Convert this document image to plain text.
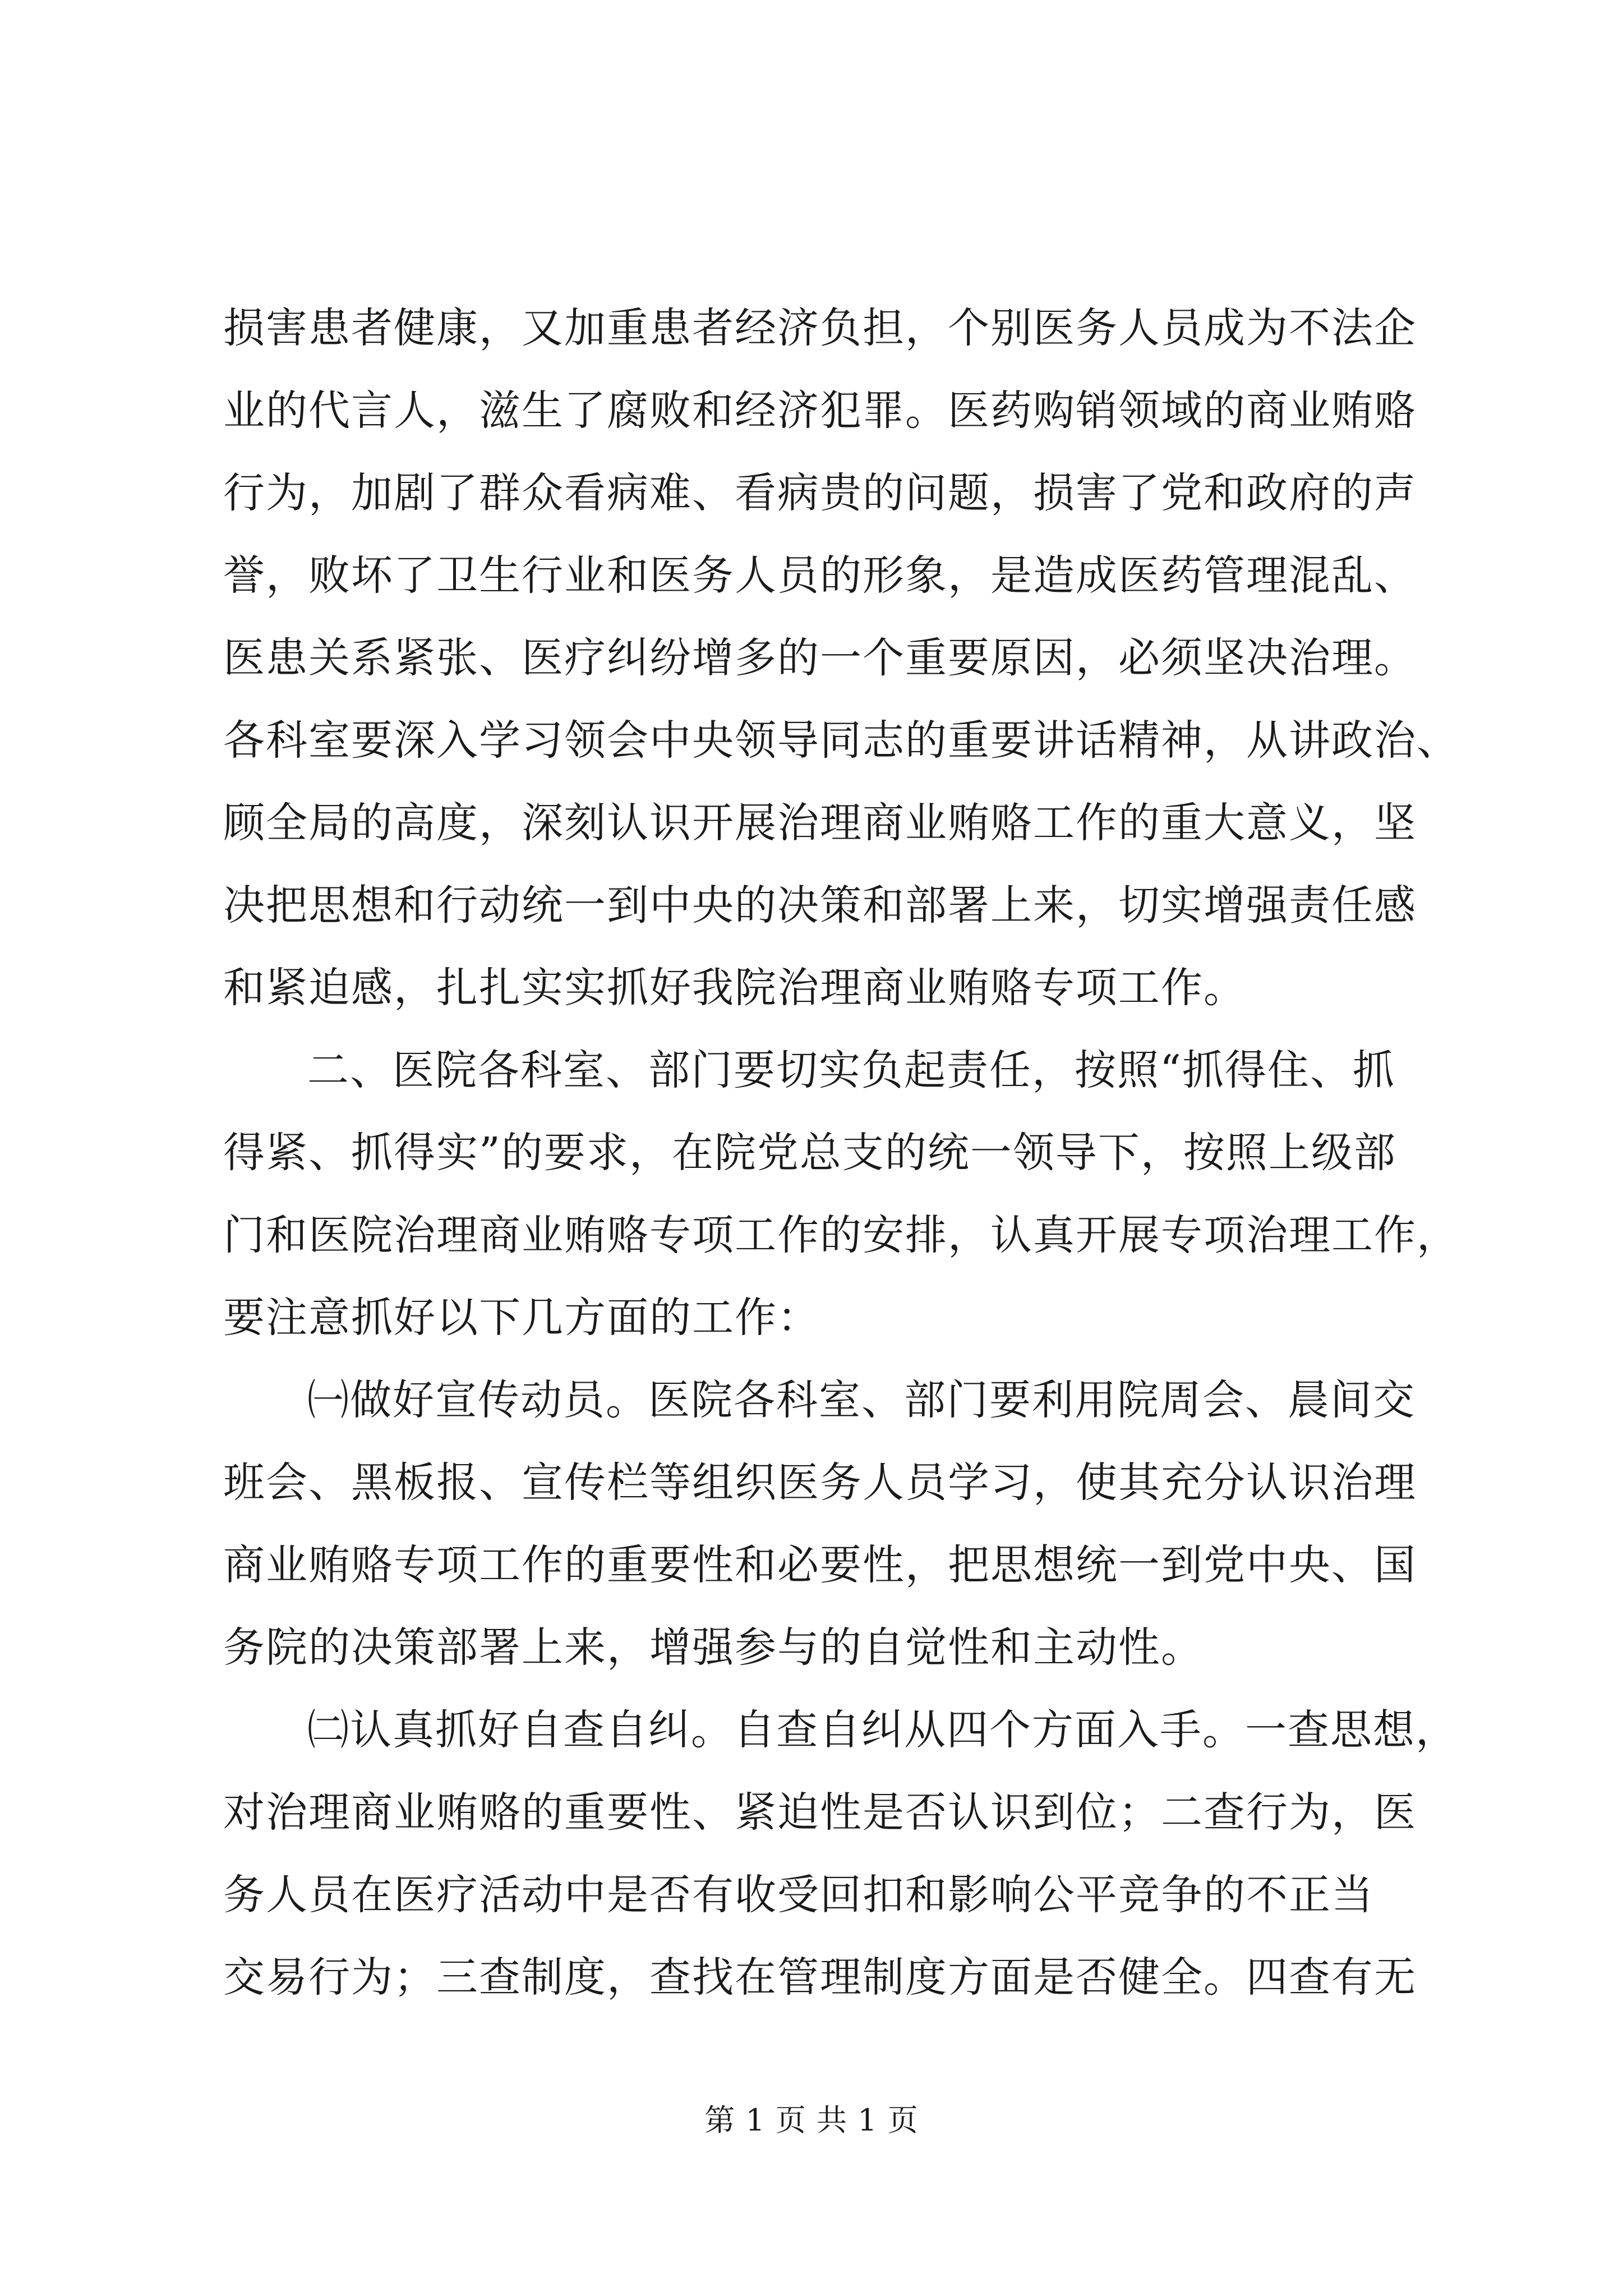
损害患者健康，又加重患者经济负担，个别医务人员成为不法企
业的代言人，滋生了腐败和经济犯罪。医药购销领域的商业贿赂
行为，加剧了群众看病难、看病贵的问题，损害了党和政府的声
誉，败坏了卫生行业和医务人员的形象，是造成医药管理混乱、
医患关系紧张、医疗纠纷增多的一个重要原因，必须坚决治理。
各科室要深入学习领会中央领导同志的重要讲话精神，从讲政治、
顾全局的高度，深刻认识开展治理商业贿赂工作的重大意义，坚
决把思想和行动统一到中央的决策和部署上来，切实增强责任感
和紧迫感，扎扎实实抓好我院治理商业贿赂专项工作。
二、医院各科室、部门要切实负起责任，按照“抓得住、抓
得紧、抓得实”的要求，在院党总支的统一领导下，按照上级部
门和医院治理商业贿赂专项工作的安排，认真开展专项治理工作，
要注意抓好以下几方面的工作：
㈠做好宣传动员。医院各科室、部门要利用院周会、晨间交
班会、黑板报、宣传栏等组织医务人员学习，使其充分认识治理
商业贿赂专项工作的重要性和必要性，把思想统一到党中央、国
务院的决策部署上来，增强参与的自觉性和主动性。
㈡认真抓好自查自纠。自查自纠从四个方面入手。一查思想，
对治理商业贿赂的重要性、紧迫性是否认识到位；二查行为，医
务人员在医疗活动中是否有收受回扣和影响公平竞争的不正当
交易行为；三查制度，查找在管理制度方面是否健全。四查有无
第 1 页 共 1 页
